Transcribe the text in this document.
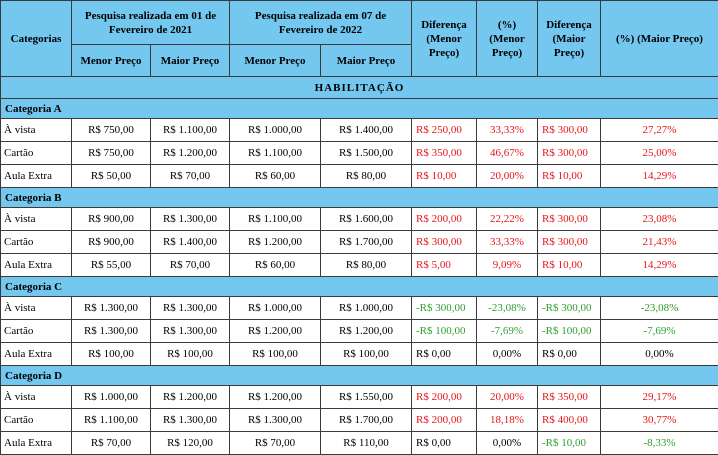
Categorias	Pesquisa realizada em 01 de Fevereiro de 2021		Pesquisa realizada em 07 de Fevereiro de 2022		Diferença (Menor Preço)	(%) (Menor Preço)	Diferença (Maior Preço)	(%) (Maior Preço)
	Menor Preço	Maior Preço	Menor Preço	Maior Preço				
HABILITAÇÃO								
Categoria A								
À vista	R$ 750,00	R$ 1.100,00	R$ 1.000,00	R$ 1.400,00	R$ 250,00	33,33%	R$ 300,00	27,27%
Cartão	R$ 750,00	R$ 1.200,00	R$ 1.100,00	R$ 1.500,00	R$ 350,00	46,67%	R$ 300,00	25,00%
Aula Extra	R$ 50,00	R$ 70,00	R$ 60,00	R$ 80,00	R$ 10,00	20,00%	R$ 10,00	14,29%
Categoria B								
À vista	R$ 900,00	R$ 1.300,00	R$ 1.100,00	R$ 1.600,00	R$ 200,00	22,22%	R$ 300,00	23,08%
Cartão	R$ 900,00	R$ 1.400,00	R$ 1.200,00	R$ 1.700,00	R$ 300,00	33,33%	R$ 300,00	21,43%
Aula Extra	R$ 55,00	R$ 70,00	R$ 60,00	R$ 80,00	R$ 5,00	9,09%	R$ 10,00	14,29%
Categoria C								
À vista	R$ 1.300,00	R$ 1.300,00	R$ 1.000,00	R$ 1.000,00	-R$ 300,00	-23,08%	-R$ 300,00	-23,08%
Cartão	R$ 1.300,00	R$ 1.300,00	R$ 1.200,00	R$ 1.200,00	-R$ 100,00	-7,69%	-R$ 100,00	-7,69%
Aula Extra	R$ 100,00	R$ 100,00	R$ 100,00	R$ 100,00	R$ 0,00	0,00%	R$ 0,00	0,00%
Categoria D								
À vista	R$ 1.000,00	R$ 1.200,00	R$ 1.200,00	R$ 1.550,00	R$ 200,00	20,00%	R$ 350,00	29,17%
Cartão	R$ 1.100,00	R$ 1.300,00	R$ 1.300,00	R$ 1.700,00	R$ 200,00	18,18%	R$ 400,00	30,77%
Aula Extra	R$ 70,00	R$ 120,00	R$ 70,00	R$ 110,00	R$ 0,00	0,00%	-R$ 10,00	-8,33%
